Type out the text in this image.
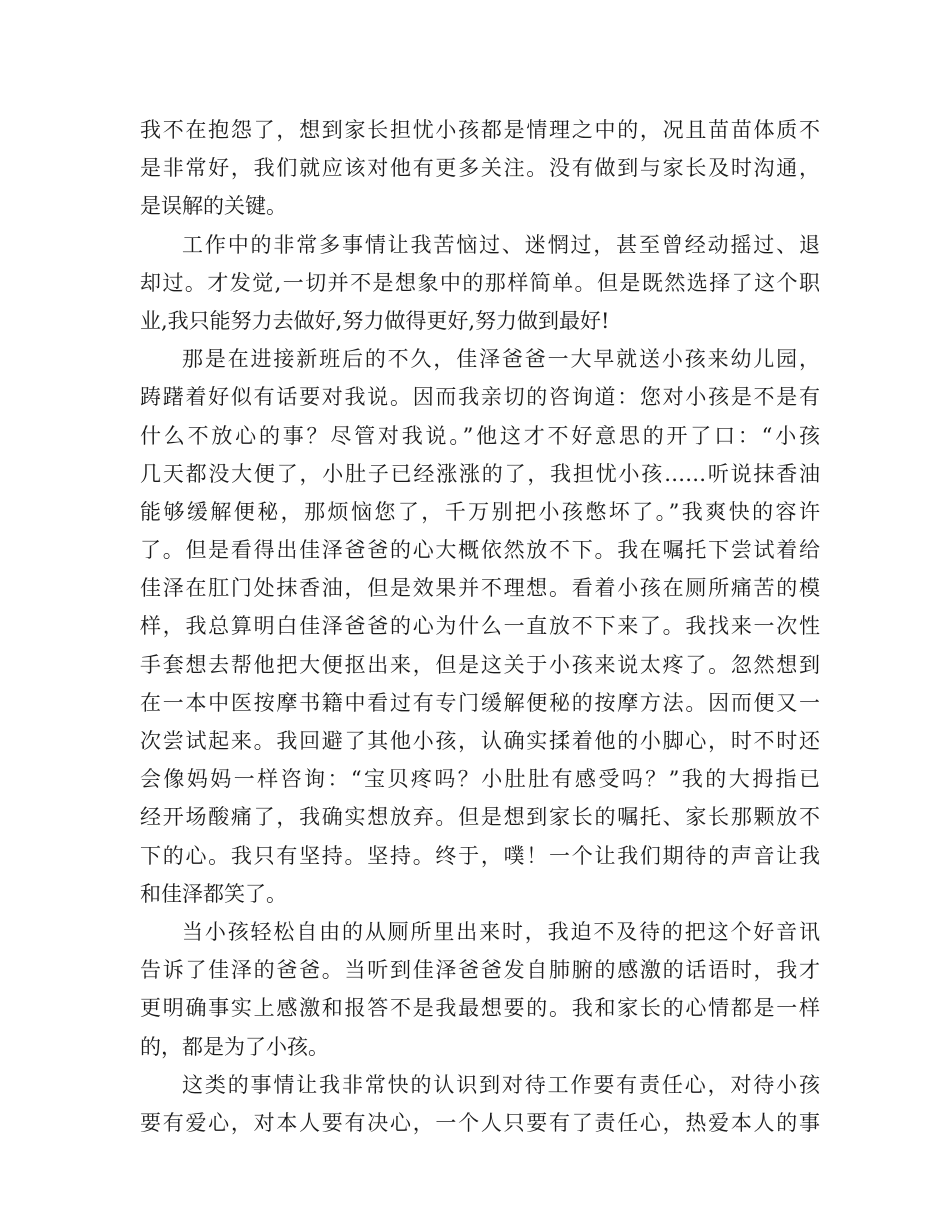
我不在抱怨了，想到家长担忧小孩都是情理之中的，况且苗苗体质不
是非常好，我们就应该对他有更多关注。没有做到与家长及时沟通，
是误解的关键。
工作中的非常多事情让我苦恼过、迷惘过，甚至曾经动摇过、退
却过。才发觉,一切并不是想象中的那样简单。但是既然选择了这个职
业,我只能努力去做好,努力做得更好,努力做到最好!
那是在进接新班后的不久，佳泽爸爸一大早就送小孩来幼儿园，
踌躇着好似有话要对我说。因而我亲切的咨询道：您对小孩是不是有
什么不放心的事？尽管对我说。”他这才不好意思的开了口：“小孩
几天都没大便了，小肚子已经涨涨的了，我担忧小孩……听说抹香油
能够缓解便秘，那烦恼您了，千万别把小孩憋坏了。”我爽快的容许
了。但是看得出佳泽爸爸的心大概依然放不下。我在嘱托下尝试着给
佳泽在肛门处抹香油，但是效果并不理想。看着小孩在厕所痛苦的模
样，我总算明白佳泽爸爸的心为什么一直放不下来了。我找来一次性
手套想去帮他把大便抠出来，但是这关于小孩来说太疼了。忽然想到
在一本中医按摩书籍中看过有专门缓解便秘的按摩方法。因而便又一
次尝试起来。我回避了其他小孩，认确实揉着他的小脚心，时不时还
会像妈妈一样咨询：“宝贝疼吗？小肚肚有感受吗？”我的大拇指已
经开场酸痛了，我确实想放弃。但是想到家长的嘱托、家长那颗放不
下的心。我只有坚持。坚持。终于，噗！一个让我们期待的声音让我
和佳泽都笑了。
当小孩轻松自由的从厕所里出来时，我迫不及待的把这个好音讯
告诉了佳泽的爸爸。当听到佳泽爸爸发自肺腑的感激的话语时，我才
更明确事实上感激和报答不是我最想要的。我和家长的心情都是一样
的，都是为了小孩。
这类的事情让我非常快的认识到对待工作要有责任心，对待小孩
要有爱心，对本人要有决心，一个人只要有了责任心，热爱本人的事
